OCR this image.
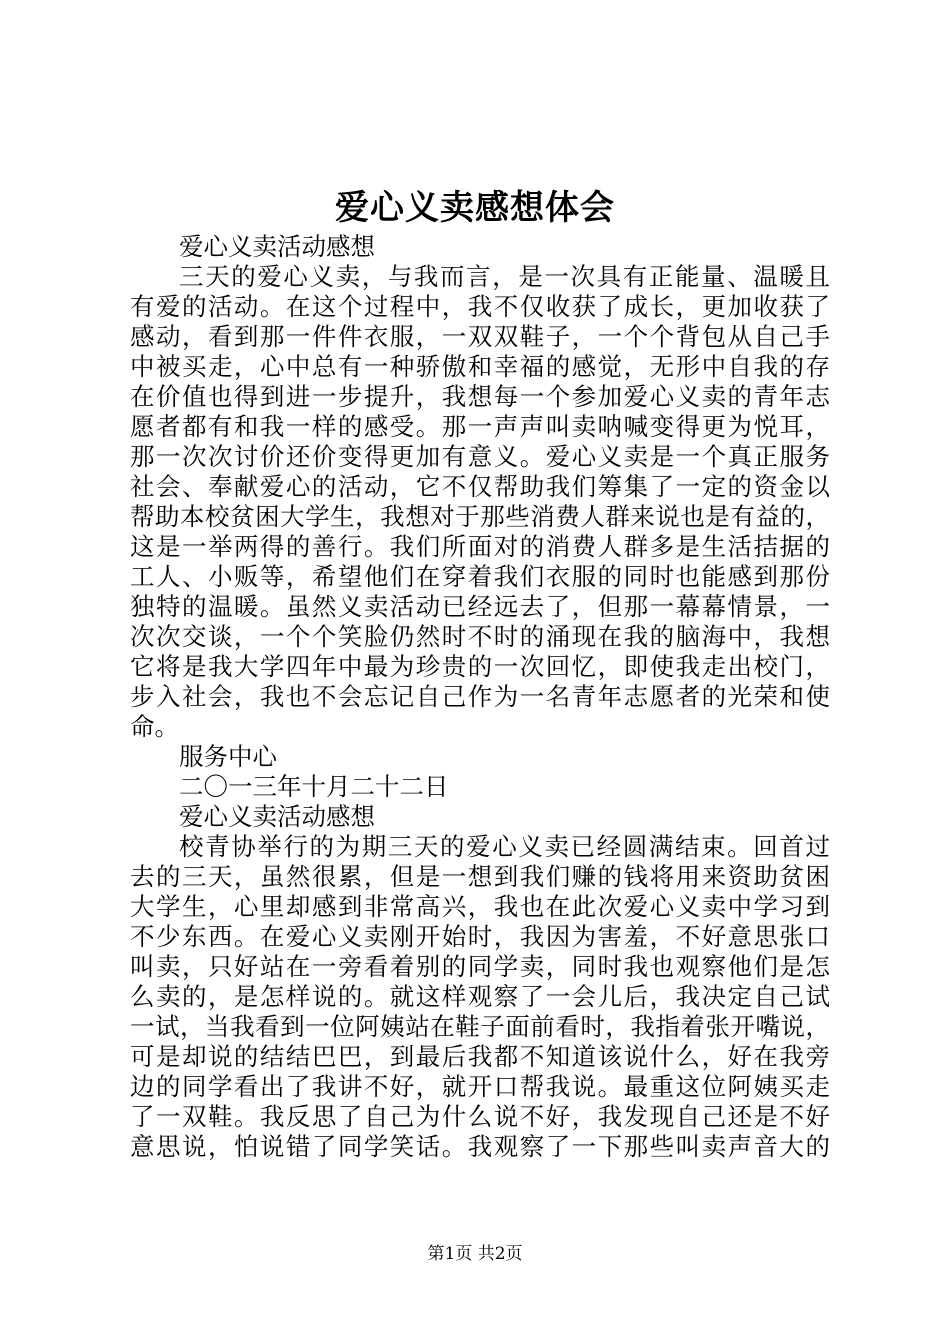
爱心义卖感想体会
爱心义卖活动感想
三天的爱心义卖，与我而言，是一次具有正能量、温暖且
有爱的活动。在这个过程中，我不仅收获了成长，更加收获了
感动，看到那一件件衣服，一双双鞋子，一个个背包从自己手
中被买走，心中总有一种骄傲和幸福的感觉，无形中自我的存
在价值也得到进一步提升，我想每一个参加爱心义卖的青年志
愿者都有和我一样的感受。那一声声叫卖呐喊变得更为悦耳，
那一次次讨价还价变得更加有意义。爱心义卖是一个真正服务
社会、奉献爱心的活动，它不仅帮助我们筹集了一定的资金以
帮助本校贫困大学生，我想对于那些消费人群来说也是有益的，
这是一举两得的善行。我们所面对的消费人群多是生活拮据的
工人、小贩等，希望他们在穿着我们衣服的同时也能感到那份
独特的温暖。虽然义卖活动已经远去了，但那一幕幕情景，一
次次交谈，一个个笑脸仍然时不时的涌现在我的脑海中，我想
它将是我大学四年中最为珍贵的一次回忆，即使我走出校门，
步入社会，我也不会忘记自己作为一名青年志愿者的光荣和使
命。
服务中心
二〇一三年十月二十二日
爱心义卖活动感想
校青协举行的为期三天的爱心义卖已经圆满结束。回首过
去的三天，虽然很累，但是一想到我们赚的钱将用来资助贫困
大学生，心里却感到非常高兴，我也在此次爱心义卖中学习到
不少东西。在爱心义卖刚开始时，我因为害羞，不好意思张口
叫卖，只好站在一旁看着别的同学卖，同时我也观察他们是怎
么卖的，是怎样说的。就这样观察了一会儿后，我决定自己试
一试，当我看到一位阿姨站在鞋子面前看时，我指着张开嘴说，
可是却说的结结巴巴，到最后我都不知道该说什么，好在我旁
边的同学看出了我讲不好，就开口帮我说。最重这位阿姨买走
了一双鞋。我反思了自己为什么说不好，我发现自己还是不好
意思说，怕说错了同学笑话。我观察了一下那些叫卖声音大的
第1页 共2页
